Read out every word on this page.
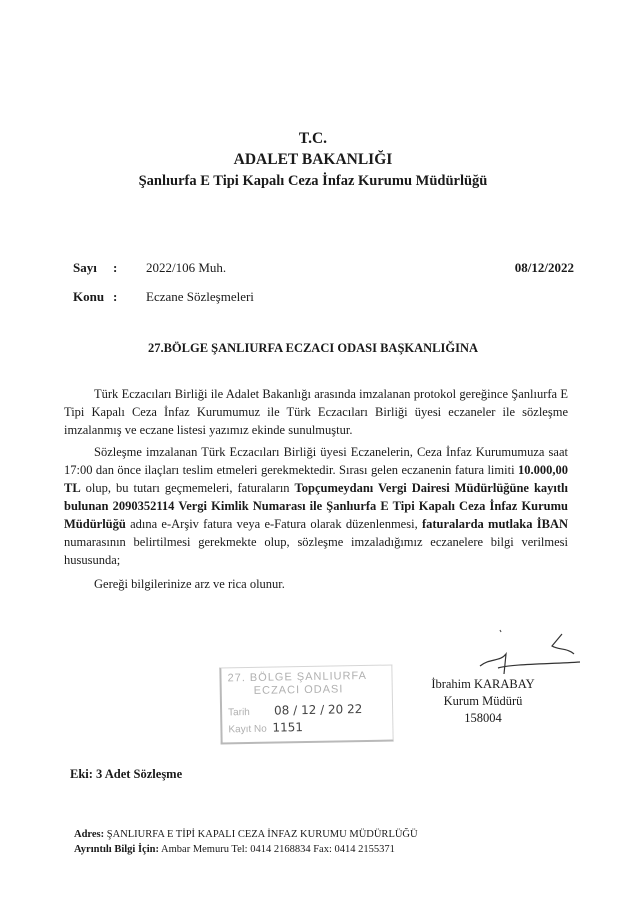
T.C.
ADALET BAKANLIĞI
Şanlıurfa E Tipi Kapalı Ceza İnfaz Kurumu Müdürlüğü
Sayı : 2022/106 Muh.	08/12/2022
Konu : Eczane Sözleşmeleri
27.BÖLGE ŞANLIURFA ECZACI ODASI BAŞKANLIĞINA

Türk Eczacıları Birliği ile Adalet Bakanlığı arasında imzalanan protokol gereğince Şanlıurfa E Tipi Kapalı Ceza İnfaz Kurumumuz ile Türk Eczacıları Birliği üyesi eczaneler ile sözleşme imzalanmış ve eczane listesi yazımız ekinde sunulmuştur.

Sözleşme imzalanan Türk Eczacıları Birliği üyesi Eczanelerin, Ceza İnfaz Kurumumuza saat 17:00 dan önce ilaçları teslim etmeleri gerekmektedir. Sırası gelen eczanenin fatura limiti 10.000,00 TL olup, bu tutarı geçmemeleri, faturaların Topçumeydanı Vergi Dairesi Müdürlüğüne kayıtlı bulunan 2090352114 Vergi Kimlik Numarası ile Şanlıurfa E Tipi Kapalı Ceza İnfaz Kurumu Müdürlüğü adına e-Arşiv fatura veya e-Fatura olarak düzenlenmesi, faturalarda mutlaka İBAN numarasının belirtilmesi gerekmekte olup, sözleşme imzaladığımız eczanelere bilgi verilmesi hususunda;

Gereği bilgilerinize arz ve rica olunur.

İbrahim KARABAY
Kurum Müdürü
158004
27. BÖLGE ŞANLIURFA
ECZACI ODASI
Tarih 08 / 12 / 20 22
Kayıt No 1151
Eki: 3 Adet Sözleşme
Adres: ŞANLIURFA E TİPİ KAPALI CEZA İNFAZ KURUMU MÜDÜRLÜĞÜ
Ayrıntılı Bilgi İçin: Ambar Memuru Tel: 0414 2168834 Fax: 0414 2155371
